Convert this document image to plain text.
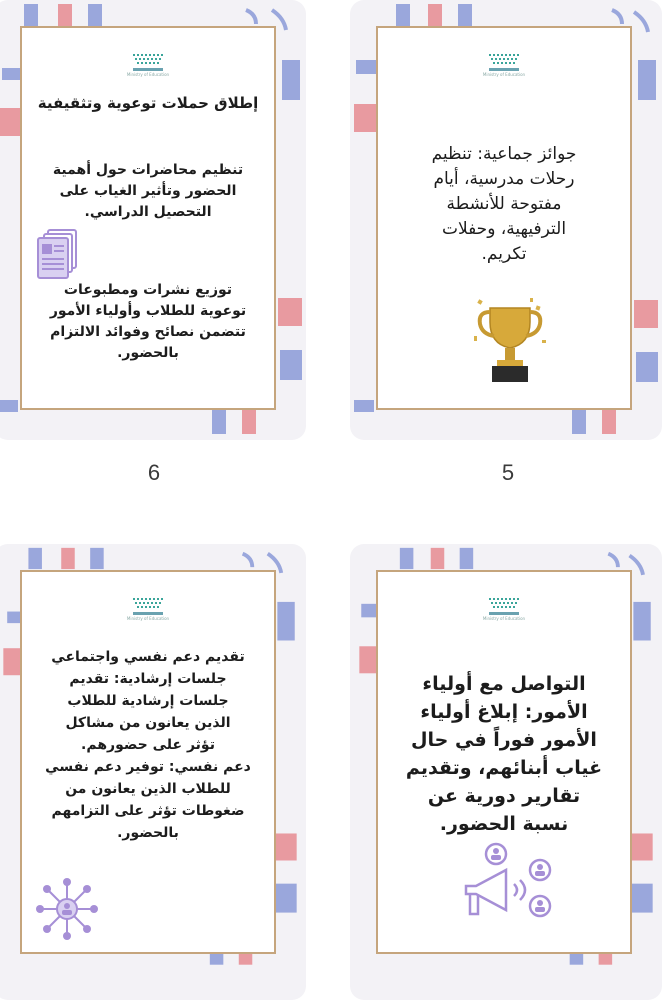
Ministry of Education
إطلاق حملات توعوية وتثقيفية
تنظيم محاضرات حول أهمية
الحضور وتأثير الغياب على
التحصيل الدراسي.
توزيع نشرات ومطبوعات
توعوية للطلاب وأولياء الأمور
تتضمن نصائح وفوائد الالتزام
بالحضور.
Ministry of Education
جوائز جماعية: تنظيم
رحلات مدرسية، أيام
مفتوحة للأنشطة
الترفيهية، وحفلات
تكريم.
6	5
Ministry of Education
تقديم دعم نفسي واجتماعي
جلسات إرشادية: تقديم
جلسات إرشادية للطلاب
الذين يعانون من مشاكل
تؤثر على حضورهم.
دعم نفسي: توفير دعم نفسي
للطلاب الذين يعانون من
ضغوطات تؤثر على التزامهم
بالحضور.
Ministry of Education
التواصل مع أولياء
الأمور: إبلاغ أولياء
الأمور فوراً في حال
غياب أبنائهم، وتقديم
تقارير دورية عن
نسبة الحضور.
